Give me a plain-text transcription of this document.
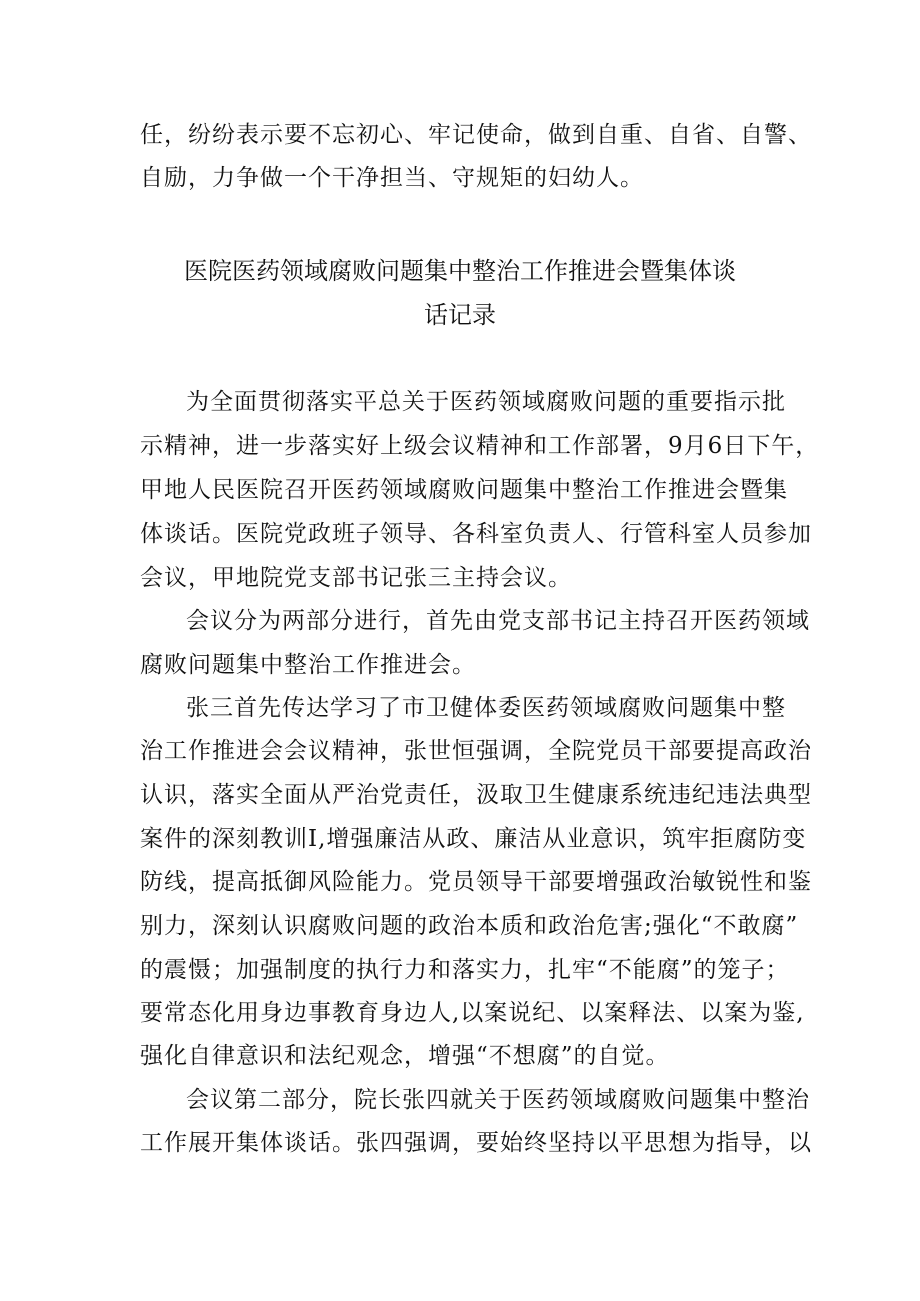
任，纷纷表示要不忘初心、牢记使命，做到自重、自省、自警、
自励，力争做一个干净担当、守规矩的妇幼人。
医院医药领域腐败问题集中整治工作推进会暨集体谈
话记录
为全面贯彻落实平总关于医药领域腐败问题的重要指示批
示精神，进一步落实好上级会议精神和工作部署，9月6日下午，
甲地人民医院召开医药领域腐败问题集中整治工作推进会暨集
体谈话。医院党政班子领导、各科室负责人、行管科室人员参加
会议，甲地院党支部书记张三主持会议。
会议分为两部分进行，首先由党支部书记主持召开医药领域
腐败问题集中整治工作推进会。
张三首先传达学习了市卫健体委医药领域腐败问题集中整
治工作推进会会议精神，张世恒强调，全院党员干部要提高政治
认识，落实全面从严治党责任，汲取卫生健康系统违纪违法典型
案件的深刻教训I,增强廉洁从政、廉洁从业意识，筑牢拒腐防变
防线，提高抵御风险能力。党员领导干部要增强政治敏锐性和鉴
别力，深刻认识腐败问题的政治本质和政治危害;强化“不敢腐”
的震慑；加强制度的执行力和落实力，扎牢“不能腐”的笼子；
要常态化用身边事教育身边人,以案说纪、以案释法、以案为鉴,
强化自律意识和法纪观念，增强“不想腐”的自觉。
会议第二部分，院长张四就关于医药领域腐败问题集中整治
工作展开集体谈话。张四强调，要始终坚持以平思想为指导，以
